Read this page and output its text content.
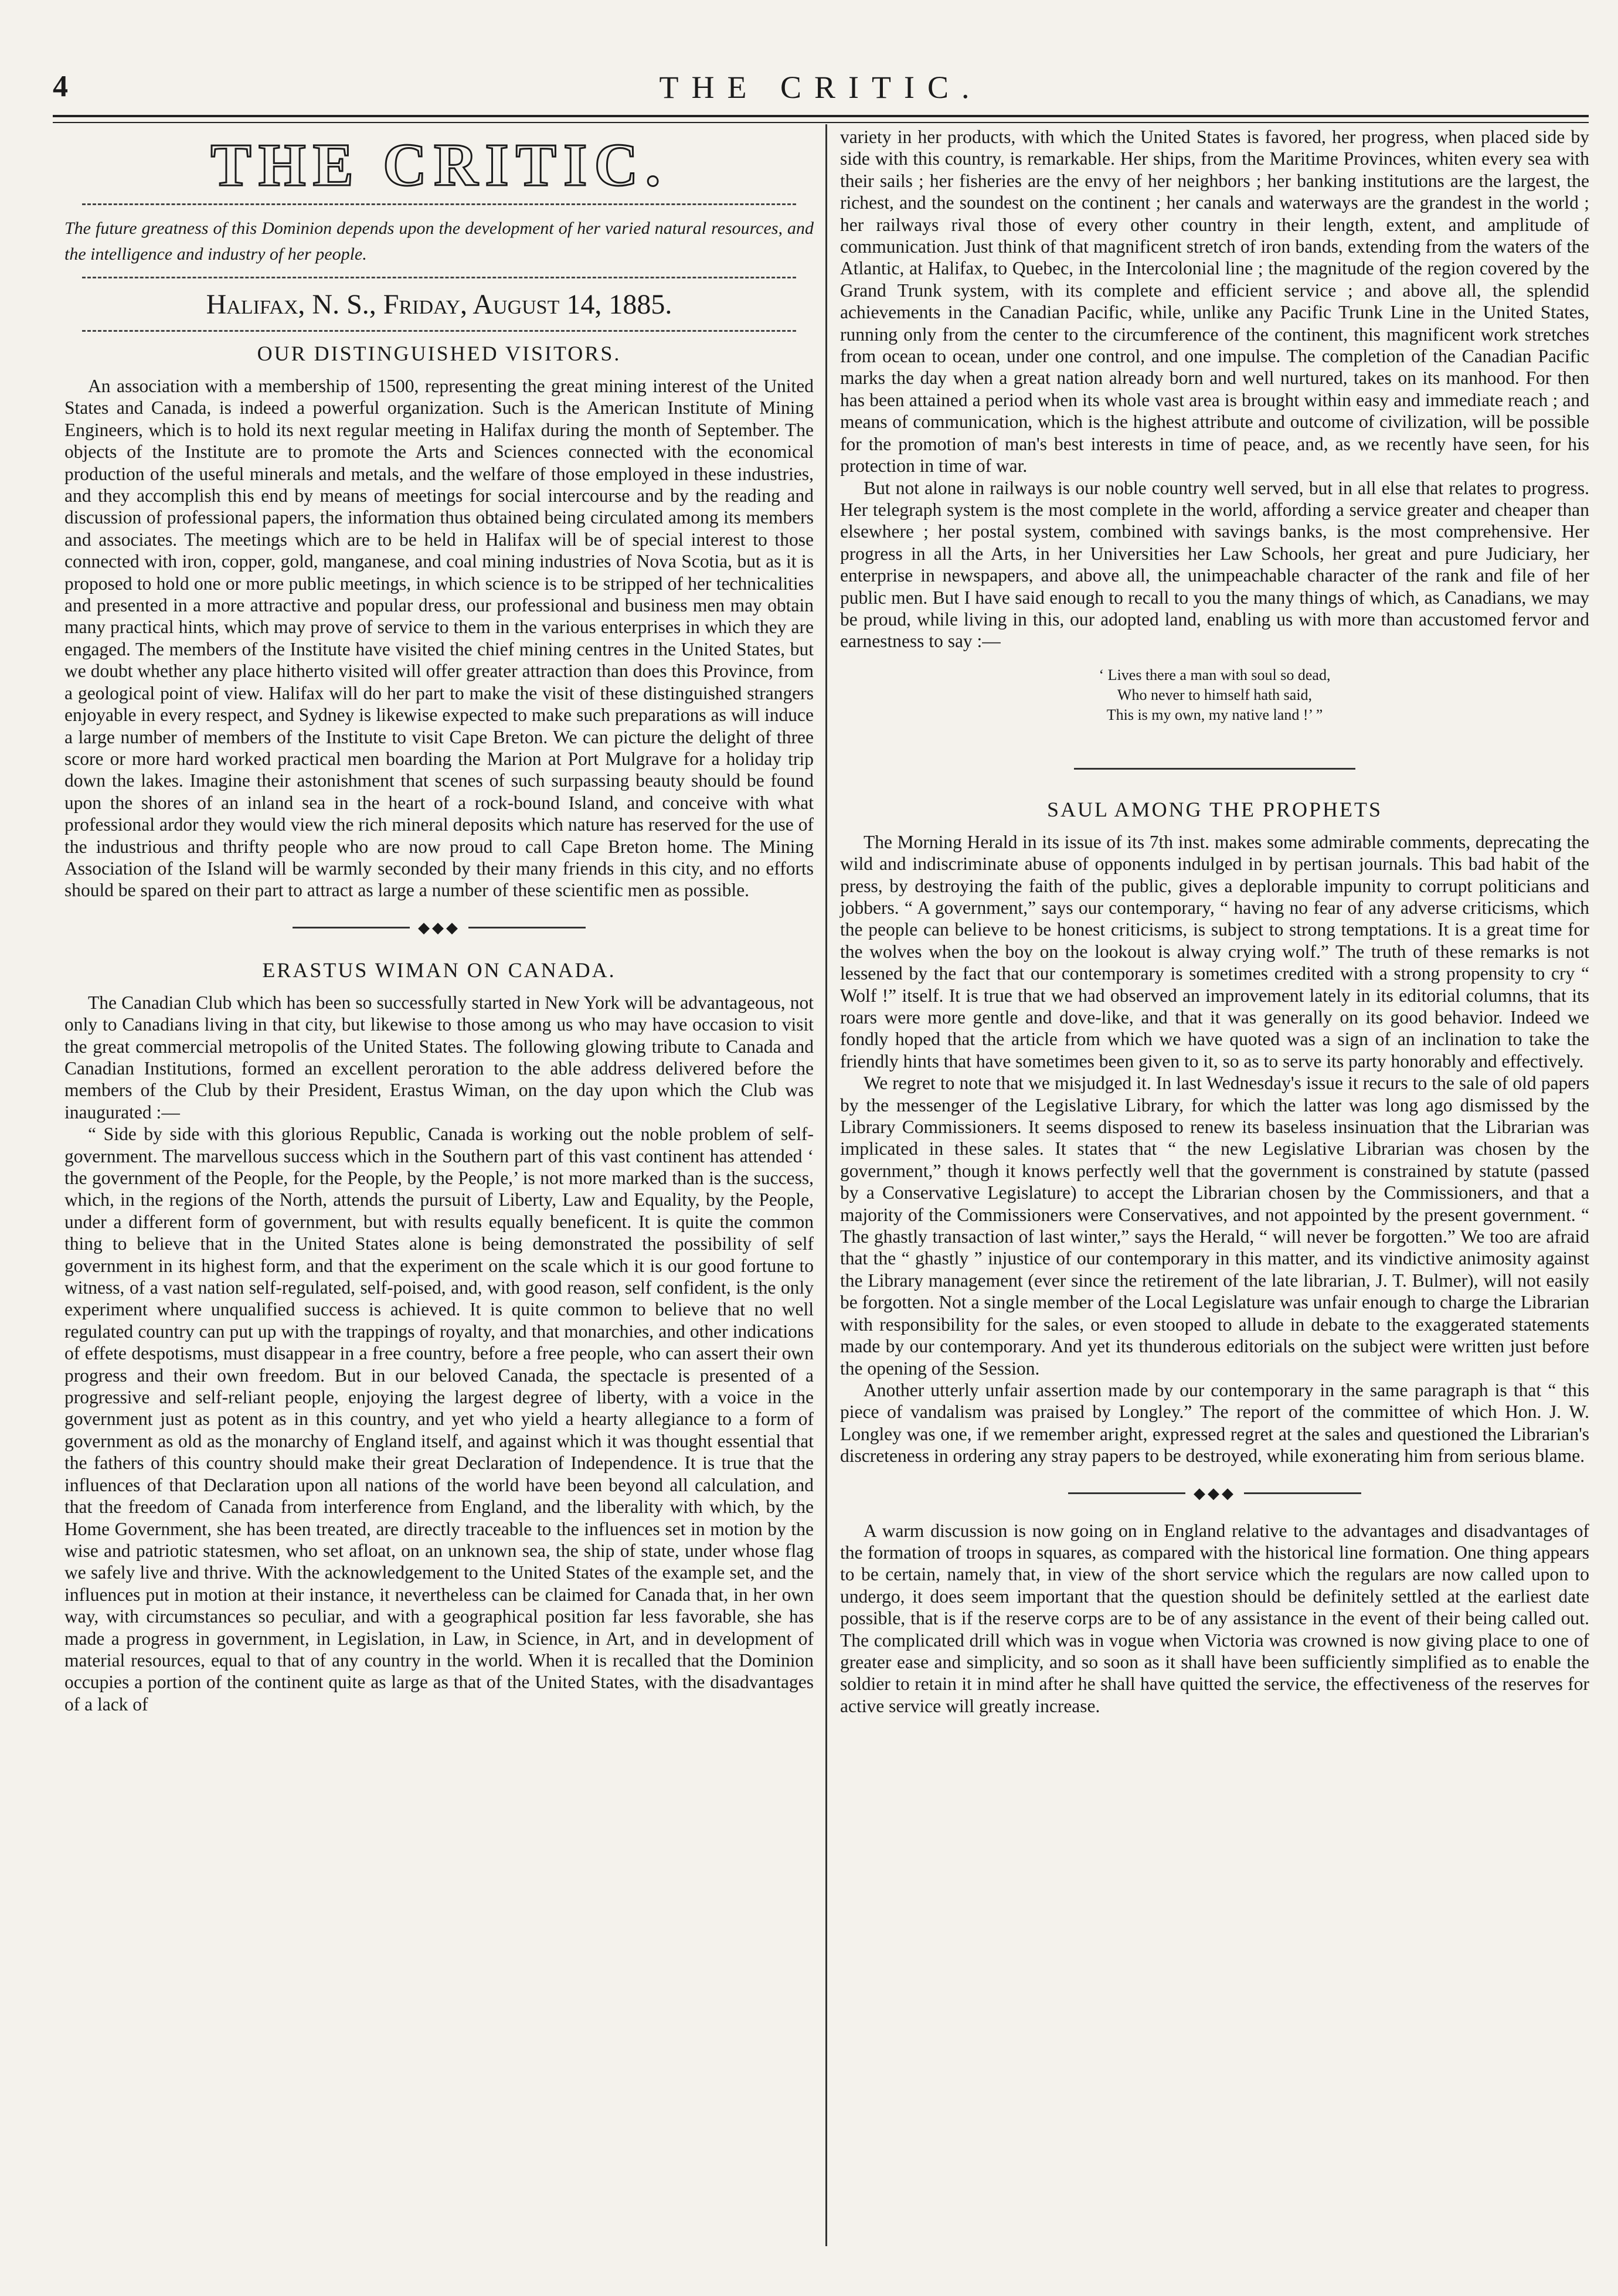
4	THE CRITIC.
THE CRITIC.
The future greatness of this Dominion depends upon the development of her varied natural resources, and the intelligence and industry of her people.
Halifax, N. S., Friday, August 14, 1885.
OUR DISTINGUISHED VISITORS.

An association with a membership of 1500, representing the great mining interest of the United States and Canada, is indeed a powerful organization. Such is the American Institute of Mining Engineers, which is to hold its next regular meeting in Halifax during the month of September. The objects of the Institute are to promote the Arts and Sciences connected with the economical production of the useful minerals and metals, and the welfare of those employed in these industries, and they accomplish this end by means of meetings for social intercourse and by the reading and discussion of professional papers, the information thus obtained being circulated among its members and associates. The meetings which are to be held in Halifax will be of special interest to those connected with iron, copper, gold, manganese, and coal mining industries of Nova Scotia, but as it is proposed to hold one or more public meetings, in which science is to be stripped of her technicalities and presented in a more attractive and popular dress, our professional and business men may obtain many practical hints, which may prove of service to them in the various enterprises in which they are engaged. The members of the Institute have visited the chief mining centres in the United States, but we doubt whether any place hitherto visited will offer greater attraction than does this Province, from a geological point of view. Halifax will do her part to make the visit of these distinguished strangers enjoyable in every respect, and Sydney is likewise expected to make such preparations as will induce a large number of members of the Institute to visit Cape Breton. We can picture the delight of three score or more hard worked practical men boarding the Marion at Port Mulgrave for a holiday trip down the lakes. Imagine their astonishment that scenes of such surpassing beauty should be found upon the shores of an inland sea in the heart of a rock-bound Island, and conceive with what professional ardor they would view the rich mineral deposits which nature has reserved for the use of the industrious and thrifty people who are now proud to call Cape Breton home. The Mining Association of the Island will be warmly seconded by their many friends in this city, and no efforts should be spared on their part to attract as large a number of these scientific men as possible.

◆◆◆
ERASTUS WIMAN ON CANADA.

The Canadian Club which has been so successfully started in New York will be advantageous, not only to Canadians living in that city, but likewise to those among us who may have occasion to visit the great commercial metropolis of the United States. The following glowing tribute to Canada and Canadian Institutions, formed an excellent peroration to the able address delivered before the members of the Club by their President, Erastus Wiman, on the day upon which the Club was inaugurated :—

“ Side by side with this glorious Republic, Canada is working out the noble problem of self-government. The marvellous success which in the Southern part of this vast continent has attended ‘ the government of the People, for the People, by the People,’ is not more marked than is the success, which, in the regions of the North, attends the pursuit of Liberty, Law and Equality, by the People, under a different form of government, but with results equally beneficent. It is quite the common thing to believe that in the United States alone is being demonstrated the possibility of self government in its highest form, and that the experiment on the scale which it is our good fortune to witness, of a vast nation self-regulated, self-poised, and, with good reason, self confident, is the only experiment where unqualified success is achieved. It is quite common to believe that no well regulated country can put up with the trappings of royalty, and that monarchies, and other indications of effete despotisms, must disappear in a free country, before a free people, who can assert their own progress and their own freedom. But in our beloved Canada, the spectacle is presented of a progressive and self-reliant people, enjoying the largest degree of liberty, with a voice in the government just as potent as in this country, and yet who yield a hearty allegiance to a form of government as old as the monarchy of England itself, and against which it was thought essential that the fathers of this country should make their great Declaration of Independence. It is true that the influences of that Declaration upon all nations of the world have been beyond all calculation, and that the freedom of Canada from interference from England, and the liberality with which, by the Home Government, she has been treated, are directly traceable to the influences set in motion by the wise and patriotic statesmen, who set afloat, on an unknown sea, the ship of state, under whose flag we safely live and thrive. With the acknowledgement to the United States of the example set, and the influences put in motion at their instance, it nevertheless can be claimed for Canada that, in her own way, with circumstances so peculiar, and with a geographical position far less favorable, she has made a progress in government, in Legislation, in Law, in Science, in Art, and in development of material resources, equal to that of any country in the world. When it is recalled that the Dominion occupies a portion of the continent quite as large as that of the United States, with the disadvantages of a lack of

variety in her products, with which the United States is favored, her progress, when placed side by side with this country, is remarkable. Her ships, from the Maritime Provinces, whiten every sea with their sails ; her fisheries are the envy of her neighbors ; her banking institutions are the largest, the richest, and the soundest on the continent ; her canals and waterways are the grandest in the world ; her railways rival those of every other country in their length, extent, and amplitude of communication. Just think of that magnificent stretch of iron bands, extending from the waters of the Atlantic, at Halifax, to Quebec, in the Intercolonial line ; the magnitude of the region covered by the Grand Trunk system, with its complete and efficient service ; and above all, the splendid achievements in the Canadian Pacific, while, unlike any Pacific Trunk Line in the United States, running only from the center to the circumference of the continent, this magnificent work stretches from ocean to ocean, under one control, and one impulse. The completion of the Canadian Pacific marks the day when a great nation already born and well nurtured, takes on its manhood. For then has been attained a period when its whole vast area is brought within easy and immediate reach ; and means of communication, which is the highest attribute and outcome of civilization, will be possible for the promotion of man's best interests in time of peace, and, as we recently have seen, for his protection in time of war.

But not alone in railways is our noble country well served, but in all else that relates to progress. Her telegraph system is the most complete in the world, affording a service greater and cheaper than elsewhere ; her postal system, combined with savings banks, is the most comprehensive. Her progress in all the Arts, in her Universities her Law Schools, her great and pure Judiciary, her enterprise in newspapers, and above all, the unimpeachable character of the rank and file of her public men. But I have said enough to recall to you the many things of which, as Canadians, we may be proud, while living in this, our adopted land, enabling us with more than accustomed fervor and earnestness to say :—

‘ Lives there a man with soul so dead,
Who never to himself hath said,
This is my own, my native land !’ ”
SAUL AMONG THE PROPHETS

The Morning Herald in its issue of its 7th inst. makes some admirable comments, deprecating the wild and indiscriminate abuse of opponents indulged in by pertisan journals. This bad habit of the press, by destroying the faith of the public, gives a deplorable impunity to corrupt politicians and jobbers. “ A government,” says our contemporary, “ having no fear of any adverse criticisms, which the people can believe to be honest criticisms, is subject to strong temptations. It is a great time for the wolves when the boy on the lookout is alway crying wolf.” The truth of these remarks is not lessened by the fact that our contemporary is sometimes credited with a strong propensity to cry “ Wolf !” itself. It is true that we had observed an improvement lately in its editorial columns, that its roars were more gentle and dove-like, and that it was generally on its good behavior. Indeed we fondly hoped that the article from which we have quoted was a sign of an inclination to take the friendly hints that have sometimes been given to it, so as to serve its party honorably and effectively.

We regret to note that we misjudged it. In last Wednesday's issue it recurs to the sale of old papers by the messenger of the Legislative Library, for which the latter was long ago dismissed by the Library Commissioners. It seems disposed to renew its baseless insinuation that the Librarian was implicated in these sales. It states that “ the new Legislative Librarian was chosen by the government,” though it knows perfectly well that the government is constrained by statute (passed by a Conservative Legislature) to accept the Librarian chosen by the Commissioners, and that a majority of the Commissioners were Conservatives, and not appointed by the present government. “ The ghastly transaction of last winter,” says the Herald, “ will never be forgotten.” We too are afraid that the “ ghastly ” injustice of our contemporary in this matter, and its vindictive animosity against the Library management (ever since the retirement of the late librarian, J. T. Bulmer), will not easily be forgotten. Not a single member of the Local Legislature was unfair enough to charge the Librarian with responsibility for the sales, or even stooped to allude in debate to the exaggerated statements made by our contemporary. And yet its thunderous editorials on the subject were written just before the opening of the Session.

Another utterly unfair assertion made by our contemporary in the same paragraph is that “ this piece of vandalism was praised by Longley.” The report of the committee of which Hon. J. W. Longley was one, if we remember aright, expressed regret at the sales and questioned the Librarian's discreteness in ordering any stray papers to be destroyed, while exonerating him from serious blame.

◆◆◆

A warm discussion is now going on in England relative to the advantages and disadvantages of the formation of troops in squares, as compared with the historical line formation. One thing appears to be certain, namely that, in view of the short service which the regulars are now called upon to undergo, it does seem important that the question should be definitely settled at the earliest date possible, that is if the reserve corps are to be of any assistance in the event of their being called out. The complicated drill which was in vogue when Victoria was crowned is now giving place to one of greater ease and simplicity, and so soon as it shall have been sufficiently simplified as to enable the soldier to retain it in mind after he shall have quitted the service, the effectiveness of the reserves for active service will greatly increase.
